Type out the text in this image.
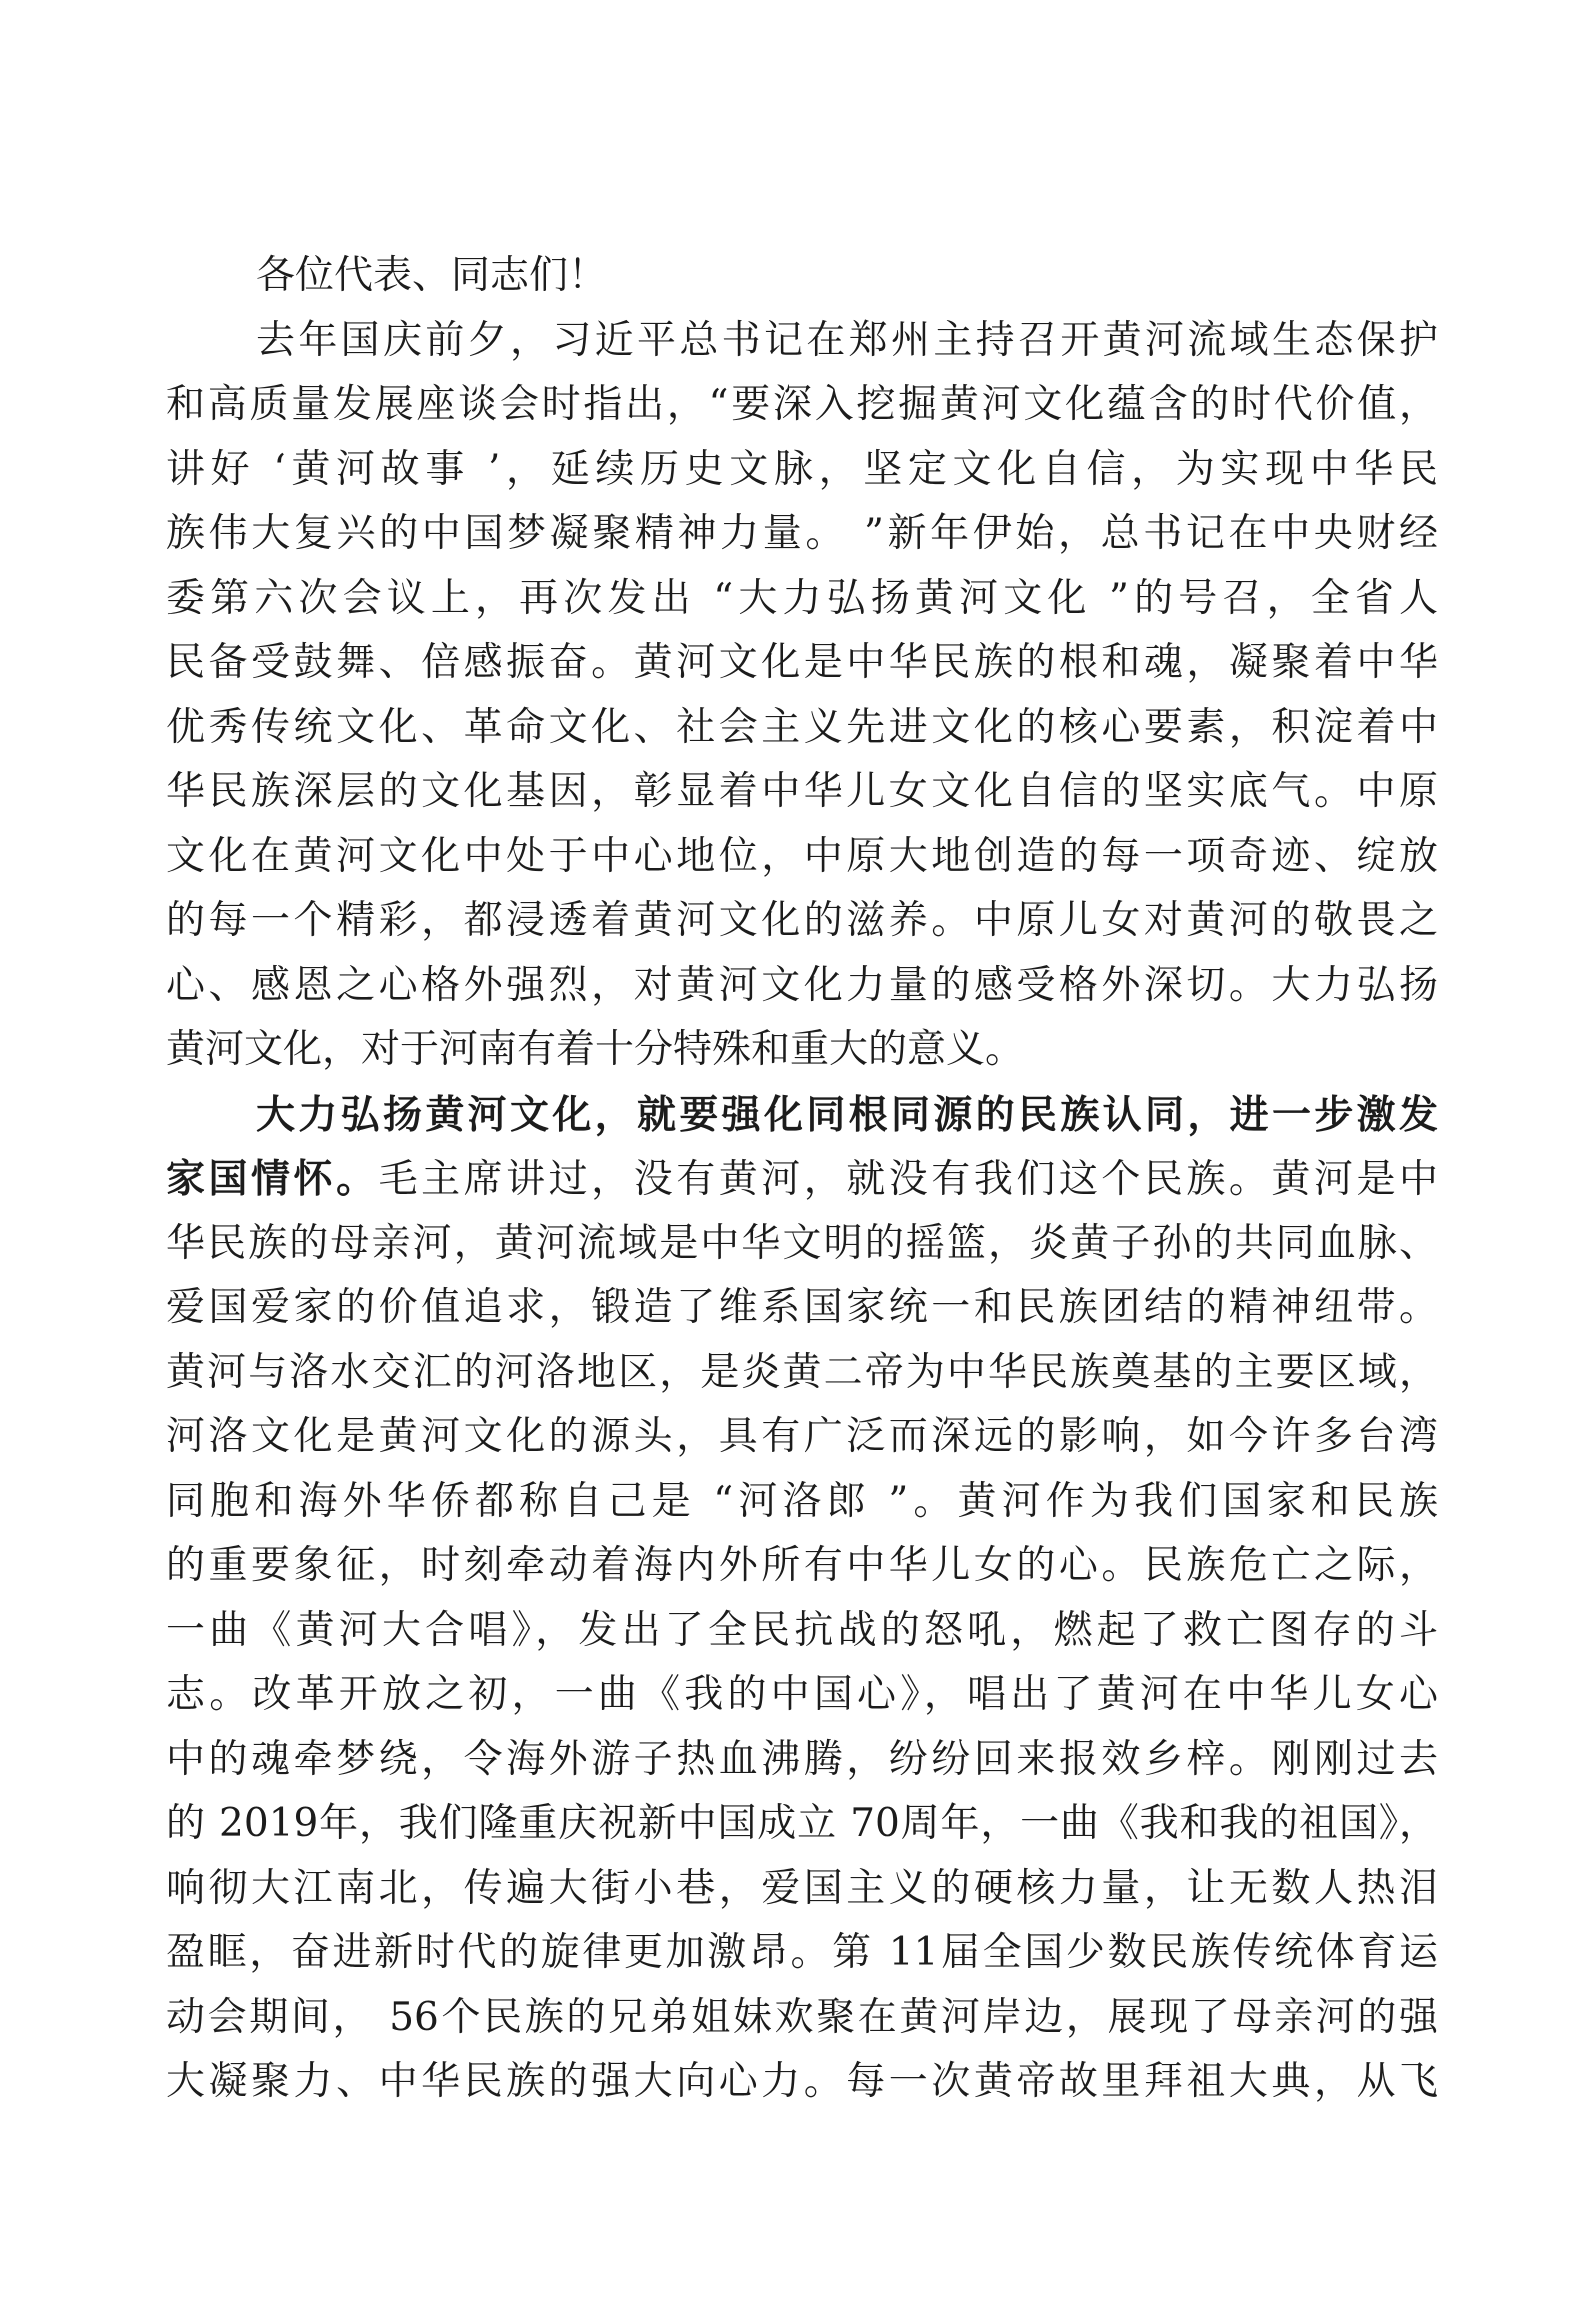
各位代表、同志们！
去年国庆前夕，习近平总书记在郑州主持召开黄河流域生态保护
和高质量发展座谈会时指出，“要深入挖掘黄河文化蕴含的时代价值，
讲好 ‘黄河故事 ’，延续历史文脉，坚定文化自信，为实现中华民
族伟大复兴的中国梦凝聚精神力量。 ”新年伊始，总书记在中央财经
委第六次会议上，再次发出 “大力弘扬黄河文化 ”的号召，全省人
民备受鼓舞、倍感振奋。黄河文化是中华民族的根和魂，凝聚着中华
优秀传统文化、革命文化、社会主义先进文化的核心要素，积淀着中
华民族深层的文化基因，彰显着中华儿女文化自信的坚实底气。中原
文化在黄河文化中处于中心地位，中原大地创造的每一项奇迹、绽放
的每一个精彩，都浸透着黄河文化的滋养。中原儿女对黄河的敬畏之
心、感恩之心格外强烈，对黄河文化力量的感受格外深切。大力弘扬
黄河文化，对于河南有着十分特殊和重大的意义。
大力弘扬黄河文化，就要强化同根同源的民族认同，进一步激发
家国情怀。毛主席讲过，没有黄河，就没有我们这个民族。黄河是中
华民族的母亲河，黄河流域是中华文明的摇篮，炎黄子孙的共同血脉、
爱国爱家的价值追求，锻造了维系国家统一和民族团结的精神纽带。
黄河与洛水交汇的河洛地区，是炎黄二帝为中华民族奠基的主要区域，
河洛文化是黄河文化的源头，具有广泛而深远的影响，如今许多台湾
同胞和海外华侨都称自己是 “河洛郎 ”。黄河作为我们国家和民族
的重要象征，时刻牵动着海内外所有中华儿女的心。民族危亡之际，
一曲《黄河大合唱》，发出了全民抗战的怒吼，燃起了救亡图存的斗
志。改革开放之初，一曲《我的中国心》，唱出了黄河在中华儿女心
中的魂牵梦绕，令海外游子热血沸腾，纷纷回来报效乡梓。刚刚过去
的 2019年，我们隆重庆祝新中国成立 70周年，一曲《我和我的祖国》，
响彻大江南北，传遍大街小巷，爱国主义的硬核力量，让无数人热泪
盈眶，奋进新时代的旋律更加激昂。第 11届全国少数民族传统体育运
动会期间， 56个民族的兄弟姐妹欢聚在黄河岸边，展现了母亲河的强
大凝聚力、中华民族的强大向心力。每一次黄帝故里拜祖大典，从飞
